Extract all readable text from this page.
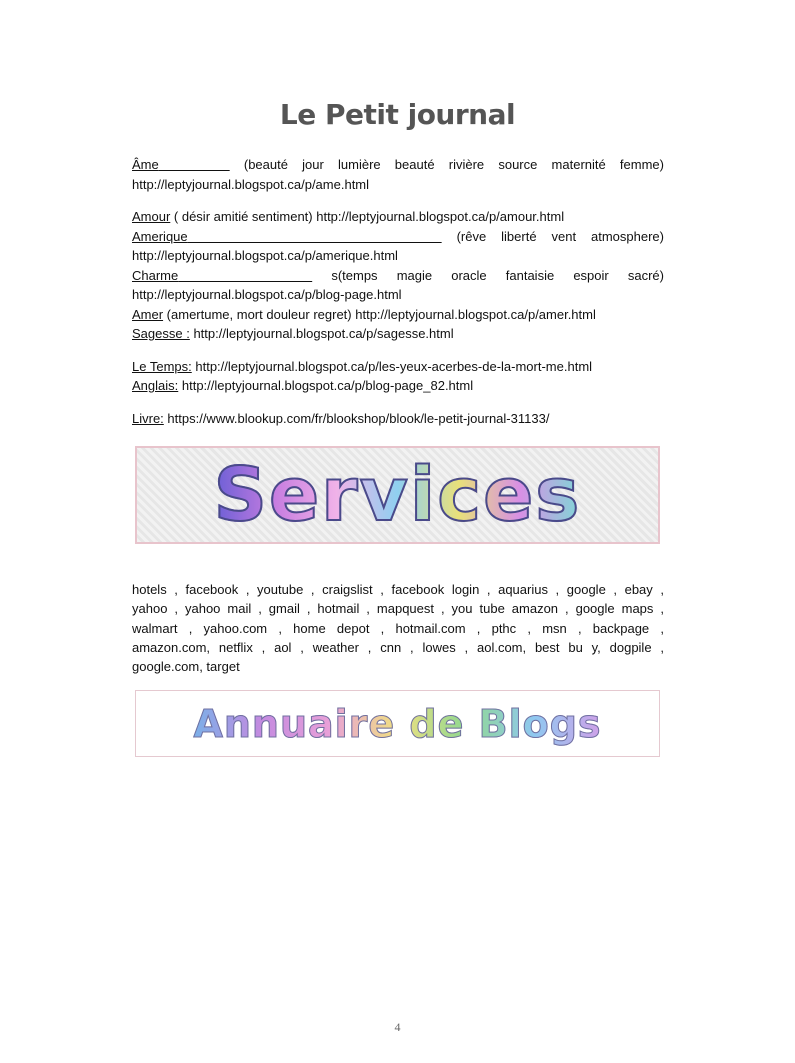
Le Petit journal

Âme	(beauté jour lumière beauté rivière source maternité femme)

http://leptyjournal.blogspot.ca/p/ame.html

Amour ( désir amitié sentiment) http://leptyjournal.blogspot.ca/p/amour.html

Amerique	(rêve liberté vent atmosphere)

http://leptyjournal.blogspot.ca/p/amerique.html

Charme	s(temps magie oracle fantaisie espoir sacré)

http://leptyjournal.blogspot.ca/p/blog-page.html

Amer (amertume, mort douleur regret) http://leptyjournal.blogspot.ca/p/amer.html

Sagesse : http://leptyjournal.blogspot.ca/p/sagesse.html

Le Temps: http://leptyjournal.blogspot.ca/p/les-yeux-acerbes-de-la-mort-me.html

Anglais: http://leptyjournal.blogspot.ca/p/blog-page_82.html

Livre: https://www.blookup.com/fr/blookshop/blook/le-petit-journal-31133/

Services

hotels , facebook , youtube , craigslist , facebook login , aquarius , google , ebay ,

yahoo , yahoo mail , gmail , hotmail , mapquest , you tube amazon , google maps ,

walmart , yahoo.com , home depot , hotmail.com , pthc , msn , backpage ,

amazon.com, netflix , aol , weather , cnn , lowes , aol.com, best bu y, dogpile ,

google.com, target

Annuaire de Blogs
4
